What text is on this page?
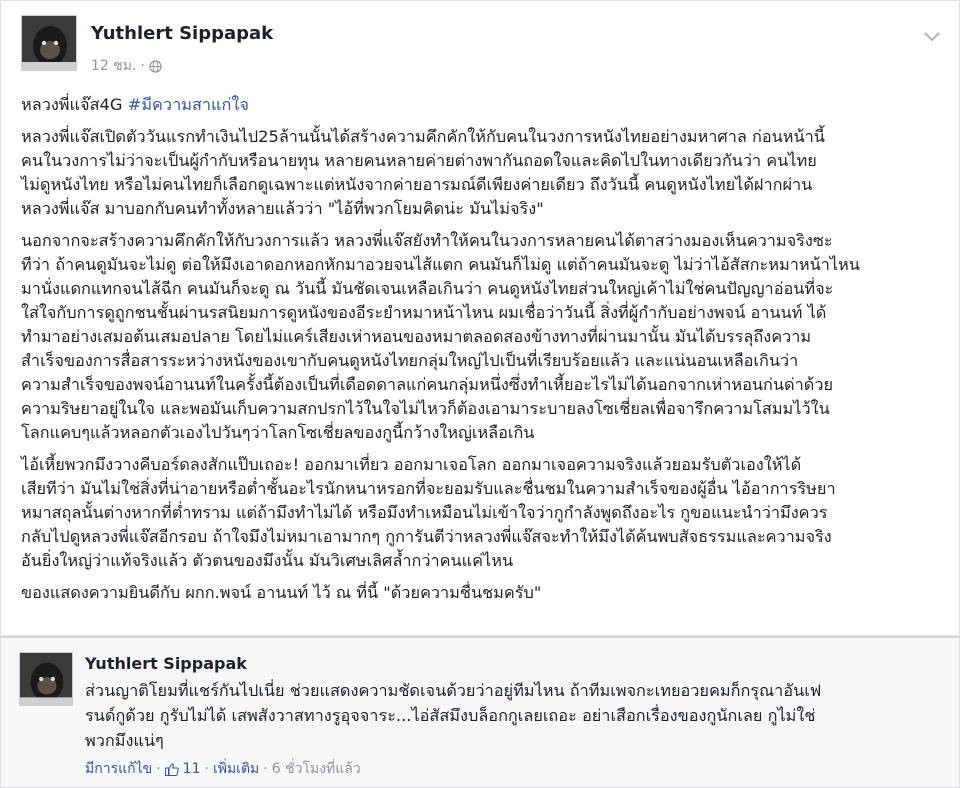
Yuthlert Sippapak
12 ชม. ·
หลวงพี่แจ๊ส4G #มีความสาแก่ใจ
หลวงพี่แจ๊สเปิดตัววันแรกทำเงินไป25ล้านนั้นได้สร้างความคึกคักให้กับคนในวงการหนังไทยอย่างมหาศาล ก่อนหน้านี้
คนในวงการไม่ว่าจะเป็นผู้กำกับหรือนายทุน หลายคนหลายค่ายต่างพากันถอดใจและคิดไปในทางเดียวกันว่า คนไทย
ไม่ดูหนังไทย หรือไม่คนไทยก็เลือกดูเฉพาะแต่หนังจากค่ายอารมณ์ดีเพียงค่ายเดียว ถึงวันนี้ คนดูหนังไทยได้ฝากผ่าน
หลวงพี่แจ๊ส มาบอกกับคนทำทั้งหลายแล้วว่า "ไอ้ที่พวกโยมคิดน่ะ มันไม่จริง"
นอกจากจะสร้างความคึกคักให้กับวงการแล้ว หลวงพี่แจ๊สยังทำให้คนในวงการหลายคนได้ตาสว่างมองเห็นความจริงซะ
ทีว่า ถ้าคนดูมันจะไม่ดู ต่อให้มึงเอาดอกหอกหักมาอวยจนไส้แตก คนมันก็ไม่ดู แต่ถ้าคนมันจะดู ไม่ว่าไอ้สัสกะหมาหน้าไหน
มานั่งแดกแทกจนไส้ฉีก คนมันก็จะดู ณ วันนี้ มันชัดเจนเหลือเกินว่า คนดูหนังไทยส่วนใหญ่เค้าไม่ใช่คนปัญญาอ่อนที่จะ
ใส่ใจกับการดูถูกชนชั้นผ่านรสนิยมการดูหนังของอีระยำหมาหน้าไหน ผมเชื่อว่าวันนี้ สิ่งที่ผู้กำกับอย่างพจน์ อานนท์ ได้
ทำมาอย่างเสมอต้นเสมอปลาย โดยไม่แคร์เสียงเห่าหอนของหมาตลอดสองข้างทางที่ผ่านมานั้น มันได้บรรลุถึงความ
สำเร็จของการสื่อสารระหว่างหนังของเขากับคนดูหนังไทยกลุ่มใหญ่ไปเป็นที่เรียบร้อยแล้ว และแน่นอนเหลือเกินว่า
ความสำเร็จของพจน์อานนท์ในครั้งนี้ต้องเป็นที่เดือดดาลแก่คนกลุ่มหนึ่งซึ่งทำเหี้ยอะไรไม่ได้นอกจากเห่าหอนก่นด่าด้วย
ความริษยาอยู่ในใจ และพอมันเก็บความสกปรกไว้ในใจไม่ไหวก็ต้องเอามาระบายลงโซเชี่ยลเพื่อจารึกความโสมมไว้ใน
โลกแคบๆแล้วหลอกตัวเองไปวันๆว่าโลกโซเชี่ยลของกูนี้กว้างใหญ่เหลือเกิน
ไอ้เหี้ยพวกมึงวางคีบอร์ดลงสักแป๊บเถอะ! ออกมาเที่ยว ออกมาเจอโลก ออกมาเจอความจริงแล้วยอมรับตัวเองให้ได้
เสียทีว่า มันไม่ใช่สิ่งที่น่าอายหรือต่ำชั้นอะไรนักหนาหรอกที่จะยอมรับและชื่นชมในความสำเร็จของผู้อื่น ไอ้อาการริษยา
หมาสถุลนั้นต่างหากที่ต่ำทราม แต่ถ้ามึงทำไม่ได้ หรือมึงทำเหมือนไม่เข้าใจว่ากูกำลังพูดถึงอะไร กูขอแนะนำว่ามึงควร
กลับไปดูหลวงพี่แจ๊สอีกรอบ ถ้าใจมึงไม่หมาเอามากๆ กูการันตีว่าหลวงพี่แจ๊สจะทำให้มึงได้ค้นพบสัจธรรมและความจริง
อันยิ่งใหญ่ว่าแท้จริงแล้ว ตัวตนของมึงนั้น มันวิเศษเลิศล้ำกว่าคนแค่ไหน
ของแสดงความยินดีกับ ผกก.พจน์ อานนท์ ไว้ ณ ที่นี้ "ด้วยความชื่นชมครับ"
Yuthlert Sippapak
ส่วนญาติโยมที่แชร์กันไปเนี่ย ช่วยแสดงความชัดเจนด้วยว่าอยู่ทีมไหน ถ้าทีมเพจกะเทยอวยคมก็กรุณาอันเฟ
รนด์กูด้วย กูรับไม่ได้ เสพสังวาสทางรูอุจจาระ...ไอ่สัสมึงบล็อกกูเลยเถอะ อย่าเสือกเรื่องของกูนักเลย กูไม่ใช่
พวกมึงแน่ๆ
มีการแก้ไข · 11 · เพิ่มเติม · 6 ชั่วโมงที่แล้ว
